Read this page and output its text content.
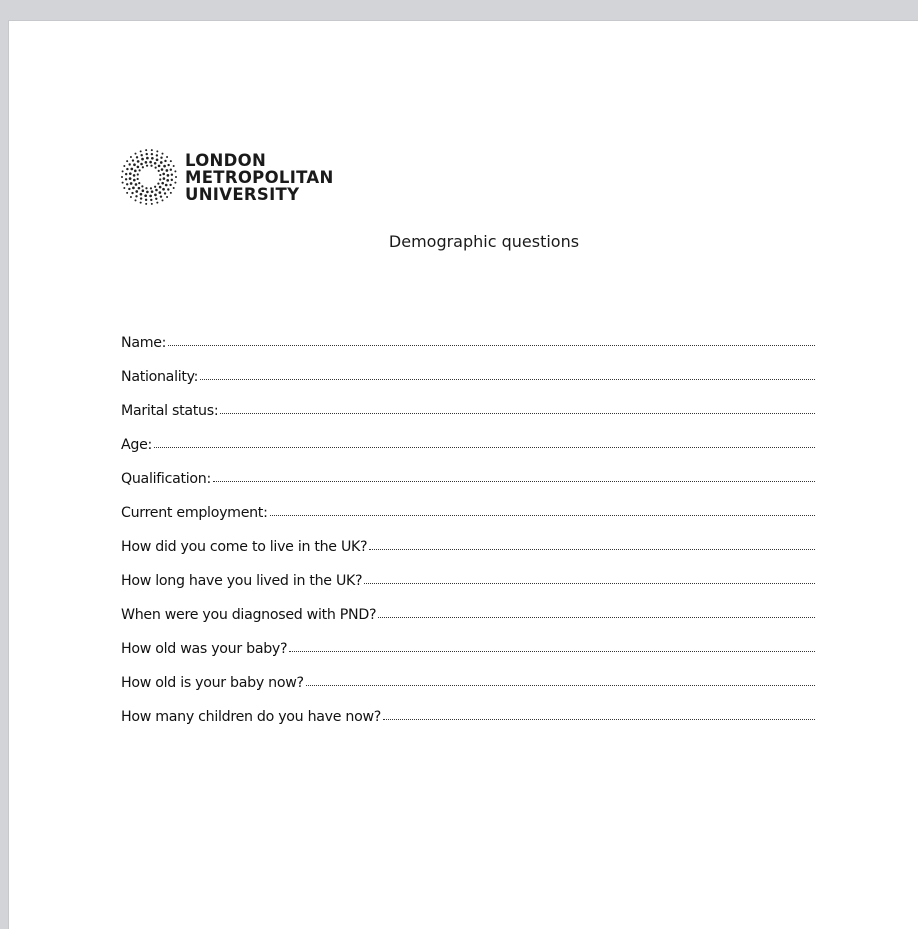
LONDON
METROPOLITAN
UNIVERSITY
Demographic questions
Name:
Nationality:
Marital status:
Age:
Qualification:
Current employment:
How did you come to live in the UK?
How long have you lived in the UK?
When were you diagnosed with PND?
How old was your baby?
How old is your baby now?
How many children do you have now?
